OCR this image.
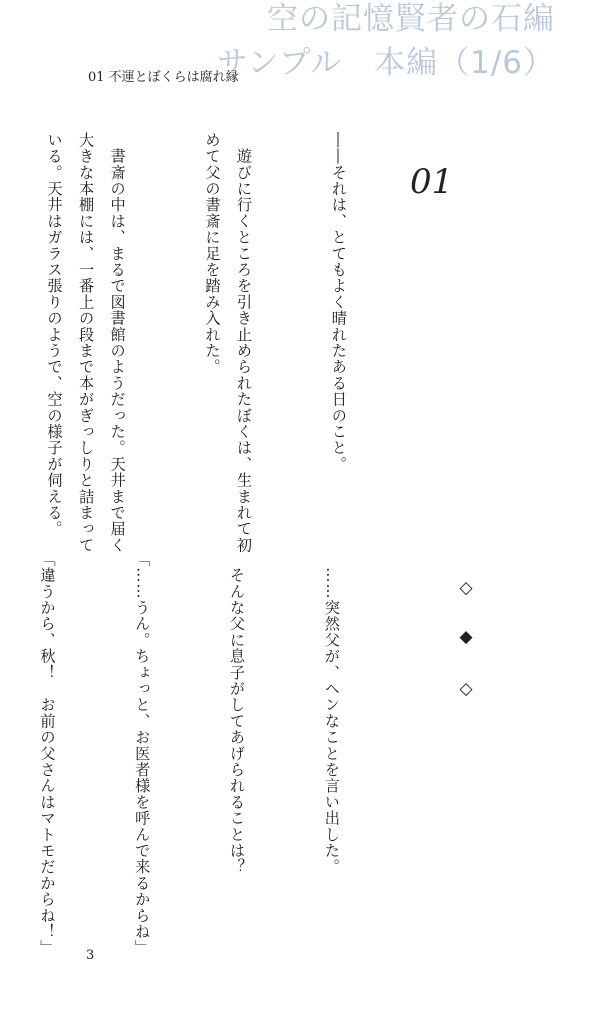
空の記憶賢者の石編
サンプル　本編（1/6）
01 不運とぼくらは腐れ縁
01

――それは、とてもよく晴れたある日のこと。

　遊びに行くところを引き止められたぼくは、生まれて初めて父の書斎に足を踏み入れた。

　書斎の中は、まるで図書館のようだった。天井まで届く大きな本棚には、一番上の段まで本がぎっしりと詰まっている。天井はガラス張りのようで、空の様子が伺える。

◇
◆
◇

　……突然父が、ヘンなことを言い出した。

　そんな父に息子がしてあげられることは？

「……うん。ちょっと、お医者様を呼んで来るからね」

「違うから、秋！　お前の父さんはマトモだからね！」

	3
